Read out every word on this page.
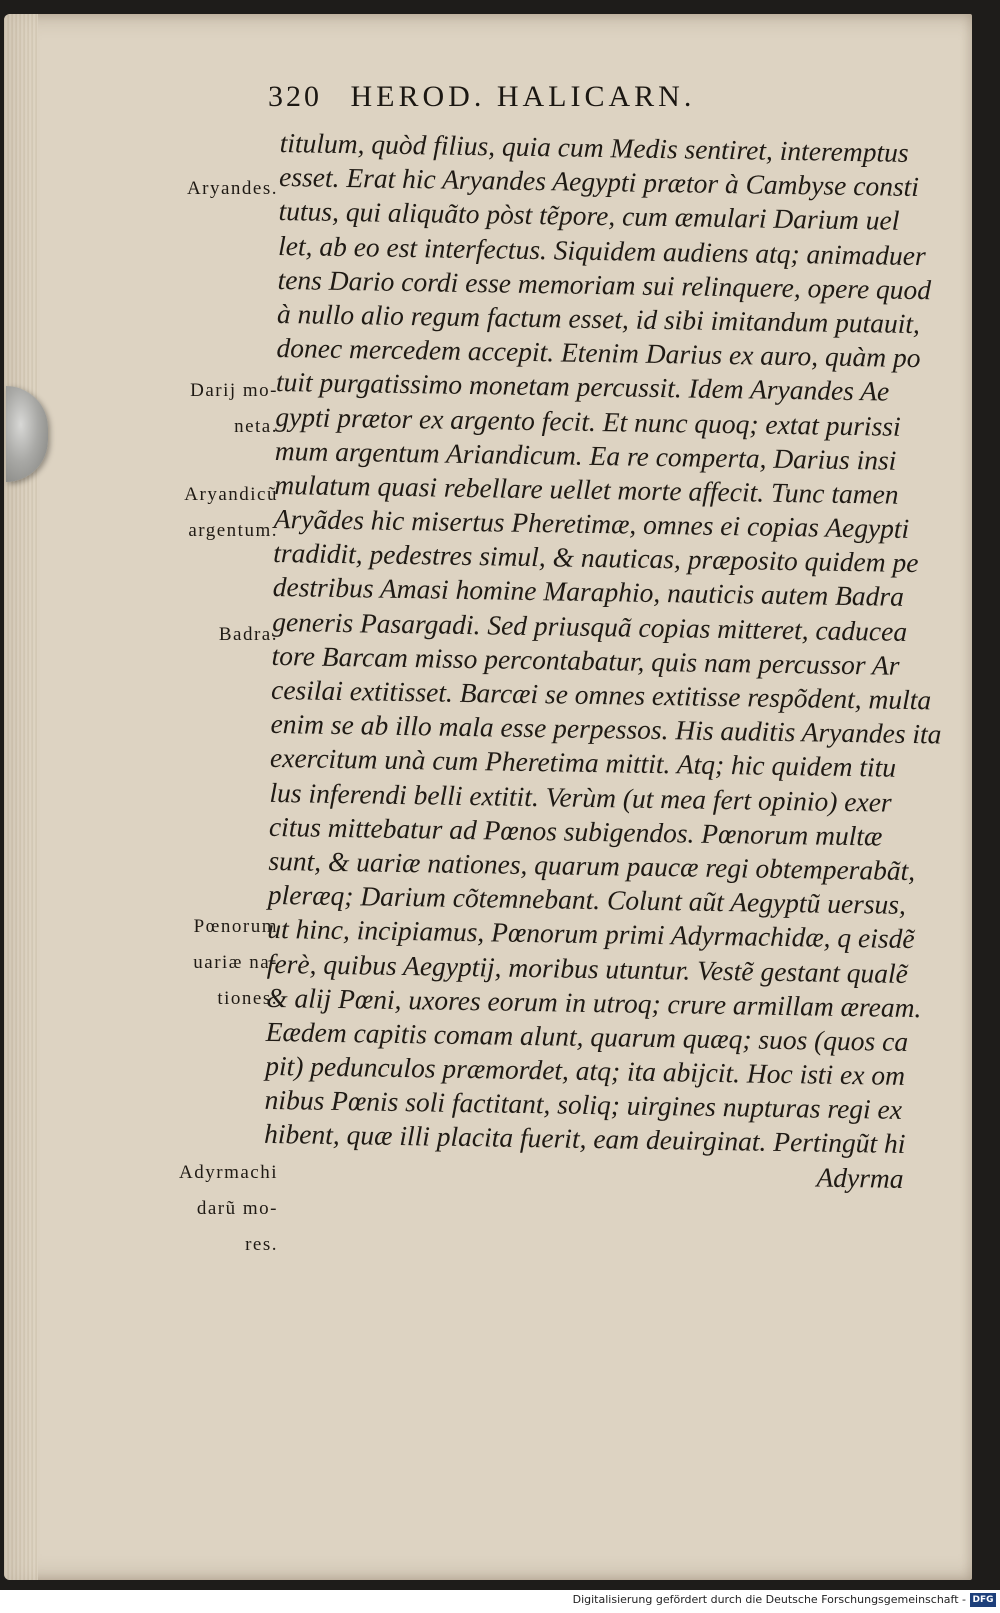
320 HEROD. HALICARN.
titulum, quòd filius, quia cum Medis sentiret, interemptus
esset. Erat hic Aryandes Aegypti prætor à Cambyse consti
tutus, qui aliquãto pòst tẽpore, cum æmulari Darium uel
let, ab eo est interfectus. Siquidem audiens atq; animaduer
tens Dario cordi esse memoriam sui relinquere, opere quod
à nullo alio regum factum esset, id sibi imitandum putauit,
donec mercedem accepit. Etenim Darius ex auro, quàm po
tuit purgatissimo monetam percussit. Idem Aryandes Ae
gypti prætor ex argento fecit. Et nunc quoq; extat purissi
mum argentum Ariandicum. Ea re comperta, Darius insi
mulatum quasi rebellare uellet morte affecit. Tunc tamen
Aryãdes hic misertus Pheretimæ, omnes ei copias Aegypti
tradidit, pedestres simul, & nauticas, præposito quidem pe
destribus Amasi homine Maraphio, nauticis autem Badra
generis Pasargadi. Sed priusquã copias mitteret, caducea
tore Barcam misso percontabatur, quis nam percussor Ar
cesilai extitisset. Barcæi se omnes extitisse respõdent, multa
enim se ab illo mala esse perpessos. His auditis Aryandes ita
exercitum unà cum Pheretima mittit. Atq; hic quidem titu
lus inferendi belli extitit. Verùm (ut mea fert opinio) exer
citus mittebatur ad Pœnos subigendos. Pœnorum multæ
sunt, & uariæ nationes, quarum paucæ regi obtemperabãt,
pleræq; Darium cõtemnebant. Colunt aũt Aegyptũ uersus,
ut hinc, incipiamus, Pœnorum primi Adyrmachidæ, q eisdẽ
ferè, quibus Aegyptij, moribus utuntur. Vestẽ gestant qualẽ
& alij Pœni, uxores eorum in utroq; crure armillam æream.
Eædem capitis comam alunt, quarum quæq; suos (quos ca
pit) pedunculos præmordet, atq; ita abijcit. Hoc isti ex om
nibus Pœnis soli factitant, soliq; uirgines nupturas regi ex
hibent, quæ illi placita fuerit, eam deuirginat. Pertingũt hi
Adyrma
Aryandes.
Darij mo-
neta.
Aryandicũ
argentum.
Badra.
Pœnorum
uariæ na-
tiones.
Adyrmachi
darũ mo-
res.
Digitalisierung gefördert durch die Deutsche Forschungsgemeinschaft - DFG
